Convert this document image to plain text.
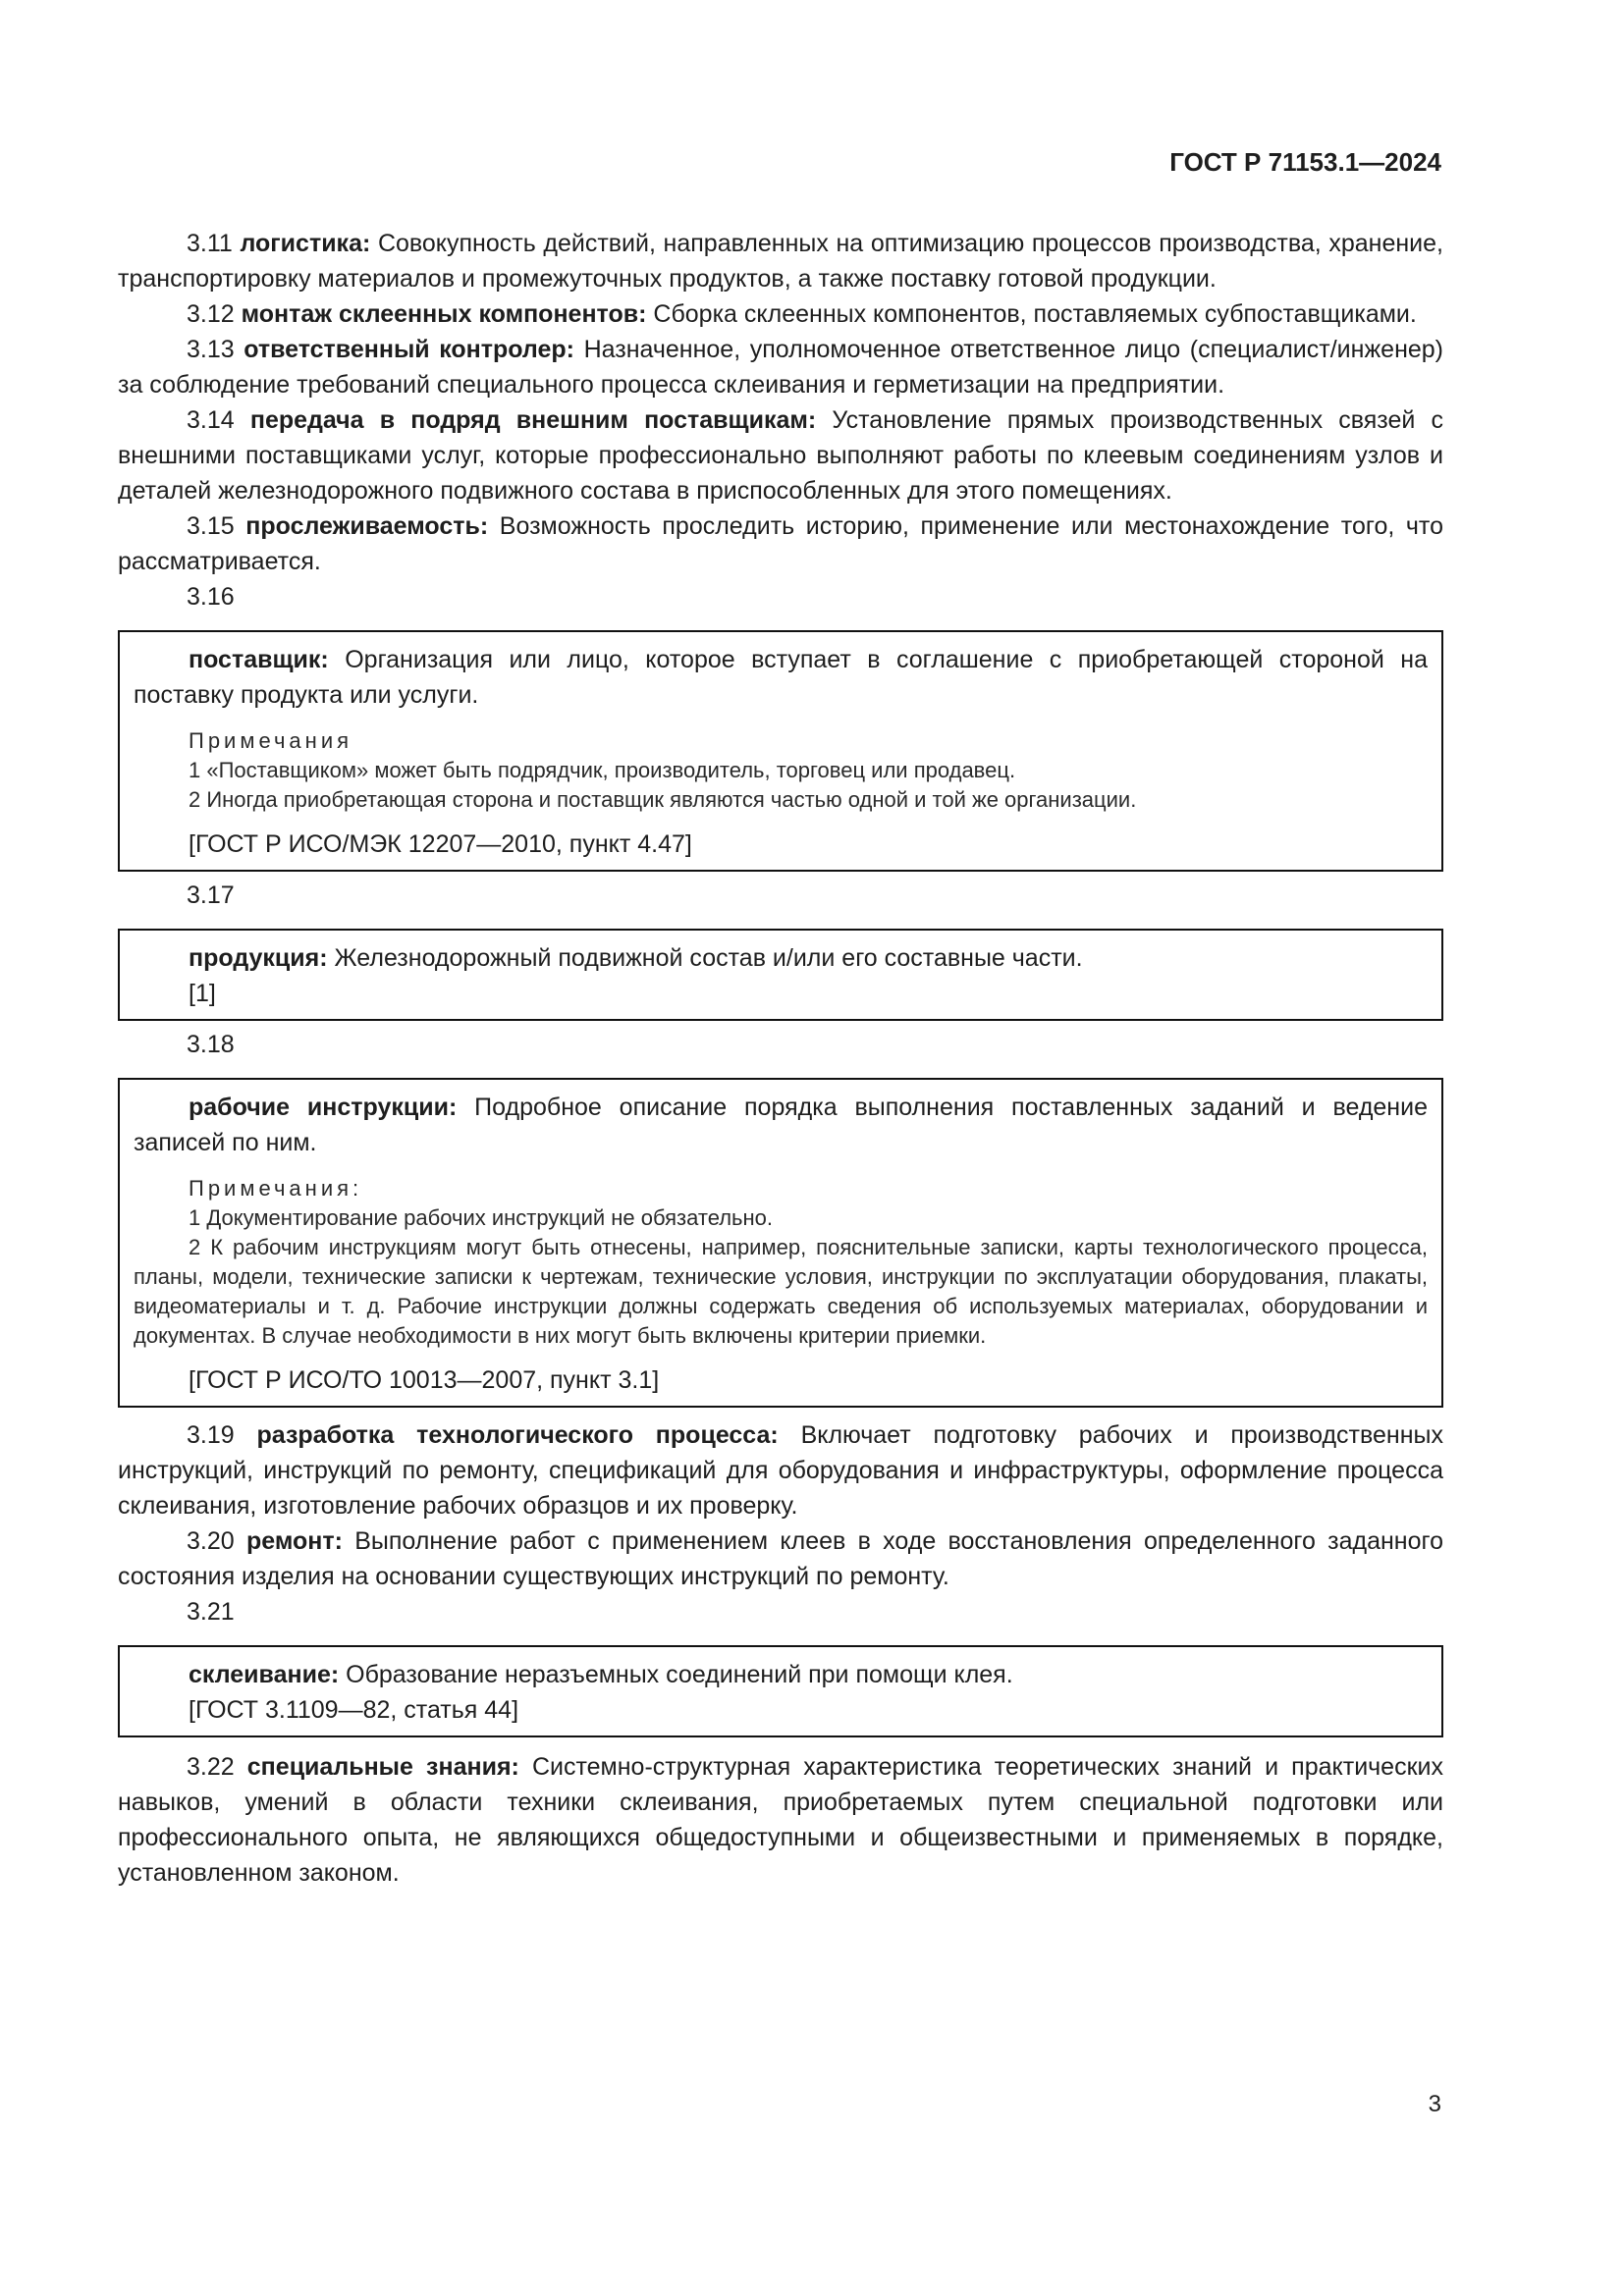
ГОСТ Р 71153.1—2024

3.11 логистика: Совокупность действий, направленных на оптимизацию процессов производства, хранение, транспортировку материалов и промежуточных продуктов, а также поставку готовой продукции.

3.12 монтаж склеенных компонентов: Сборка склеенных компонентов, поставляемых субпоставщиками.

3.13 ответственный контролер: Назначенное, уполномоченное ответственное лицо (специалист/инженер) за соблюдение требований специального процесса склеивания и герметизации на предприятии.

3.14 передача в подряд внешним поставщикам: Установление прямых производственных связей с внешними поставщиками услуг, которые профессионально выполняют работы по клеевым соединениям узлов и деталей железнодорожного подвижного состава в приспособленных для этого помещениях.

3.15 прослеживаемость: Возможность проследить историю, применение или местонахождение того, что рассматривается.

3.16

поставщик: Организация или лицо, которое вступает в соглашение с приобретающей стороной на поставку продукта или услуги.

Примечания
1 «Поставщиком» может быть подрядчик, производитель, торговец или продавец.
2 Иногда приобретающая сторона и поставщик являются частью одной и той же организации.
[ГОСТ Р ИСО/МЭК 12207—2010, пункт 4.47]
3.17

продукция: Железнодорожный подвижной состав и/или его составные части.

[1]
3.18

рабочие инструкции: Подробное описание порядка выполнения поставленных заданий и ведение записей по ним.

Примечания:
1 Документирование рабочих инструкций не обязательно.
2 К рабочим инструкциям могут быть отнесены, например, пояснительные записки, карты технологического процесса, планы, модели, технические записки к чертежам, технические условия, инструкции по эксплуатации оборудования, плакаты, видеоматериалы и т. д. Рабочие инструкции должны содержать сведения об используемых материалах, оборудовании и документах. В случае необходимости в них могут быть включены критерии приемки.
[ГОСТ Р ИСО/ТО 10013—2007, пункт 3.1]

3.19 разработка технологического процесса: Включает подготовку рабочих и производственных инструкций, инструкций по ремонту, спецификаций для оборудования и инфраструктуры, оформление процесса склеивания, изготовление рабочих образцов и их проверку.

3.20 ремонт: Выполнение работ с применением клеев в ходе восстановления определенного заданного состояния изделия на основании существующих инструкций по ремонту.

3.21

склеивание: Образование неразъемных соединений при помощи клея.

[ГОСТ 3.1109—82, статья 44]

3.22 специальные знания: Системно-структурная характеристика теоретических знаний и практических навыков, умений в области техники склеивания, приобретаемых путем специальной подготовки или профессионального опыта, не являющихся общедоступными и общеизвестными и применяемых в порядке, установленном законом.

3
